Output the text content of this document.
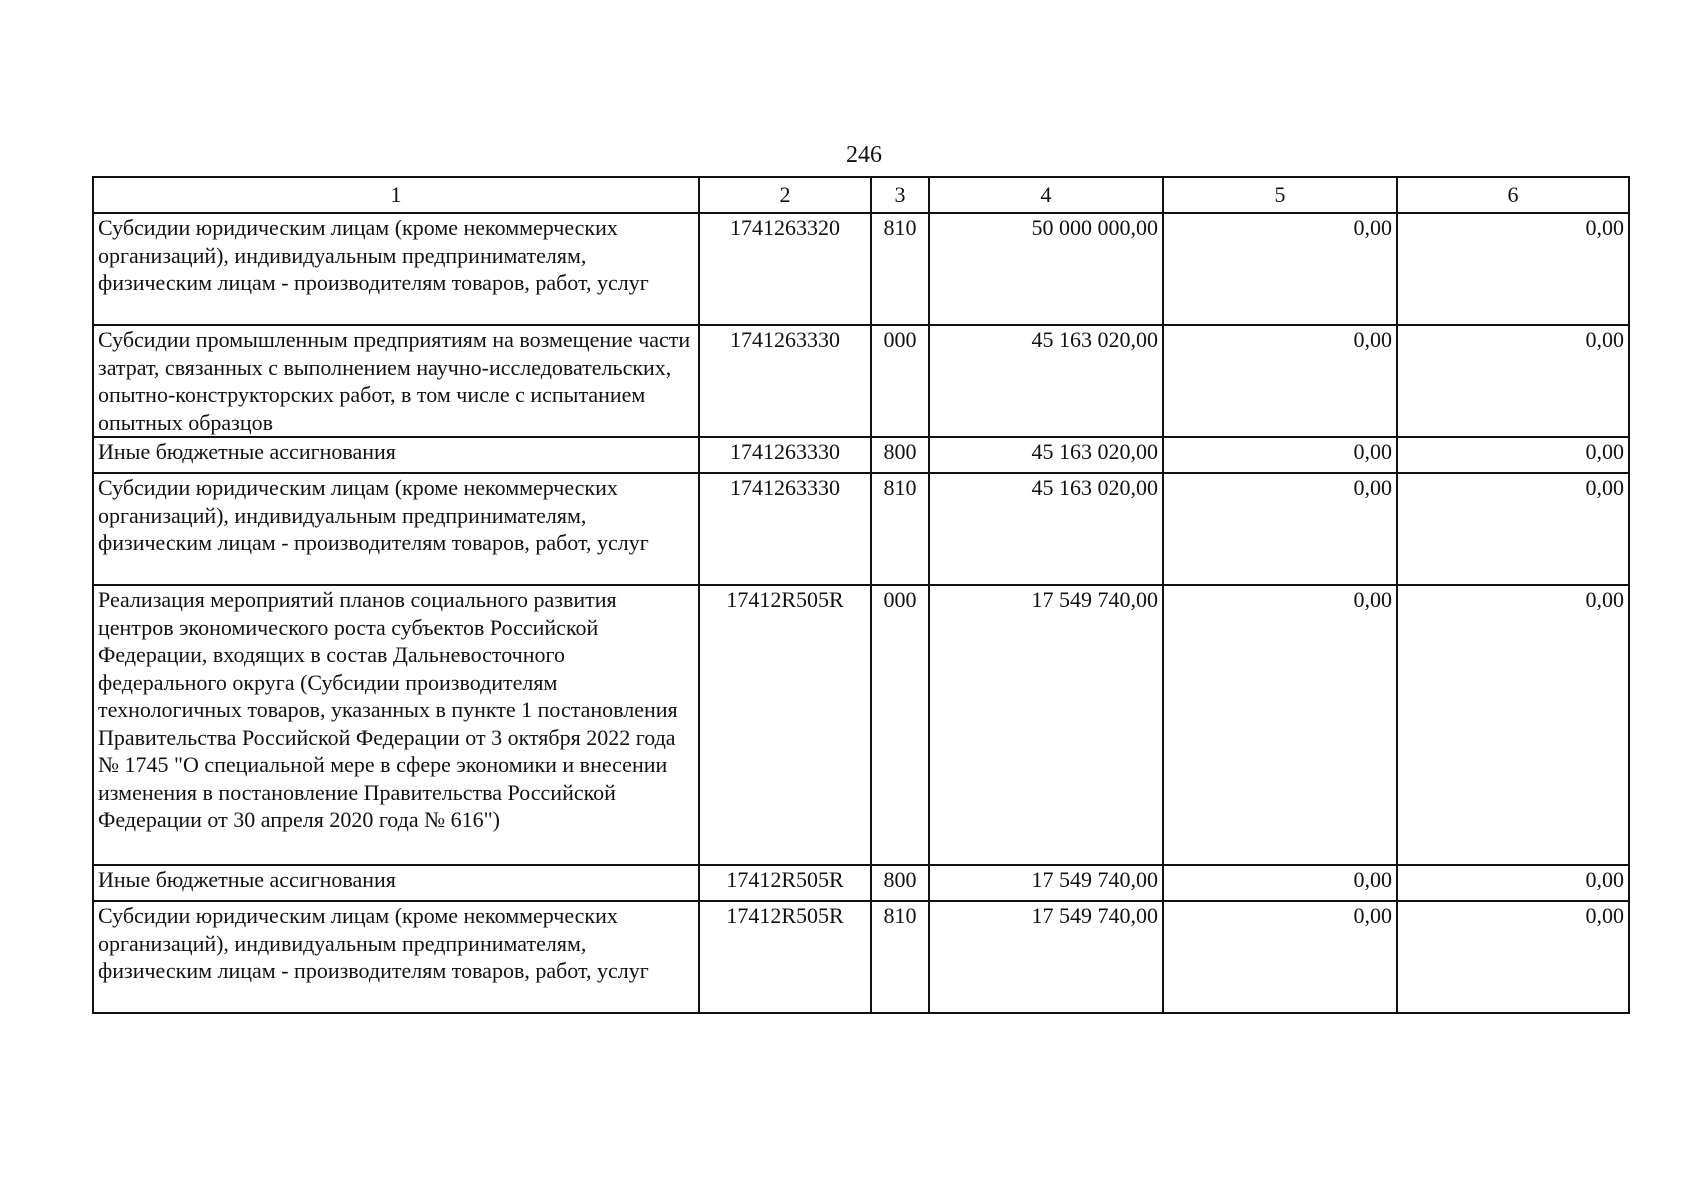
246
1	2	3	4	5	6
Субсидии юридическим лицам (кроме некоммерческих организаций), индивидуальным предпринимателям, физическим лицам - производителям товаров, работ, услуг	1741263320	810	50 000 000,00	0,00	0,00
Субсидии промышленным предприятиям на возмещение части затрат, связанных с выполнением научно-исследовательских, опытно-конструкторских работ, в том числе с испытанием опытных образцов	1741263330	000	45 163 020,00	0,00	0,00
Иные бюджетные ассигнования	1741263330	800	45 163 020,00	0,00	0,00
Субсидии юридическим лицам (кроме некоммерческих организаций), индивидуальным предпринимателям, физическим лицам - производителям товаров, работ, услуг	1741263330	810	45 163 020,00	0,00	0,00
Реализация мероприятий планов социального развития центров экономического роста субъектов Российской Федерации, входящих в состав Дальневосточного федерального округа (Субсидии производителям технологичных товаров, указанных в пункте 1 постановления Правительства Российской Федерации от 3 октября 2022 года № 1745 "О специальной мере в сфере экономики и внесении изменения в постановление Правительства Российской Федерации от 30 апреля 2020 года № 616")	17412R505R	000	17 549 740,00	0,00	0,00
Иные бюджетные ассигнования	17412R505R	800	17 549 740,00	0,00	0,00
Субсидии юридическим лицам (кроме некоммерческих организаций), индивидуальным предпринимателям, физическим лицам - производителям товаров, работ, услуг	17412R505R	810	17 549 740,00	0,00	0,00
